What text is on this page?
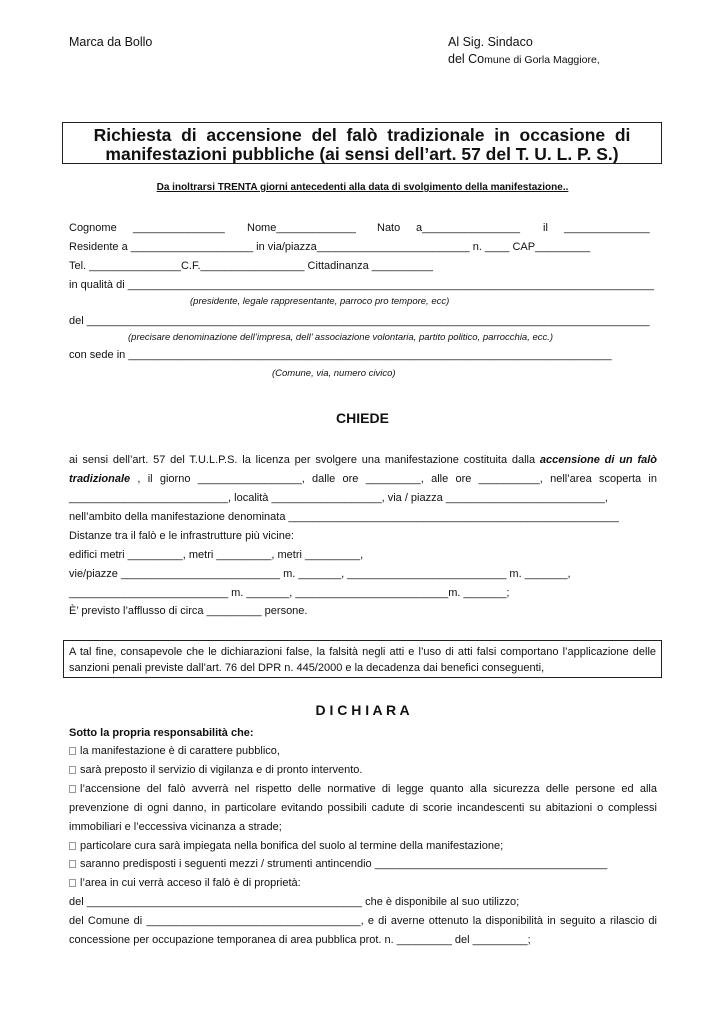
Marca da Bollo	Al Sig. Sindaco
del Comune di Gorla Maggiore,
Richiesta  di  accensione  del  falò  tradizionale  in  occasione  di
manifestazioni pubbliche (ai sensi dell’art. 57 del T. U. L. P. S.)
Da inoltrarsi TRENTA giorni antecedenti alla data di svolgimento della manifestazione..
Cognome _______________ Nome_____________ Nato a________________ il ______________
Residente a ____________________ in via/piazza_________________________ n. ____ CAP_________
Tel. _______________C.F._________________ Cittadinanza __________
in qualità di ______________________________________________________________________________________
(presidente, legale rappresentante, parroco pro tempore, ecc)
del ____________________________________________________________________________________________
(precisare denominazione dell’impresa, dell’ associazione volontaria, partito politico, parrocchia, ecc.)
con sede in _______________________________________________________________________________
(Comune, via, numero civico)
CHIEDE
ai sensi dell’art. 57 del T.U.L.P.S. la licenza per svolgere una manifestazione costituita dalla accensione di un falò
tradizionale , il giorno _________________, dalle ore _________, alle ore __________, nell’area scoperta in
__________________________, località __________________, via / piazza __________________________,
nell’ambito della manifestazione denominata ______________________________________________________
Distanze tra il falò e le infrastrutture più vicine:
edifici metri _________, metri _________, metri _________,
vie/piazze __________________________ m. _______, __________________________ m. _______,
__________________________ m. _______, _________________________m. _______;
È’ previsto l’afflusso di circa _________ persone.
A tal fine, consapevole che le dichiarazioni false, la falsità negli atti e l’uso di atti falsi comportano l’applicazione delle
sanzioni penali previste dall’art. 76 del DPR n. 445/2000 e la decadenza dai benefici conseguenti,
D I C H I A R A
Sotto la propria responsabilità che:
la manifestazione è di carattere pubblico,
sarà preposto il servizio di vigilanza e di pronto intervento.
l’accensione del falò avverrà nel rispetto delle normative di legge quanto alla sicurezza delle persone ed alla
prevenzione di ogni danno, in particolare evitando possibili cadute di scorie incandescenti su abitazioni o complessi
immobiliari e l’eccessiva vicinanza a strade;
particolare cura sarà impiegata nella bonifica del suolo al termine della manifestazione;
saranno predisposti i seguenti mezzi / strumenti antincendio ______________________________________
l’area in cui verrà acceso il falò è di proprietà:
del _____________________________________________ che è disponibile al suo utilizzo;
del Comune di ___________________________________, e di averne ottenuto la disponibilità in seguito a rilascio di
concessione per occupazione temporanea di area pubblica prot. n. _________ del _________;
